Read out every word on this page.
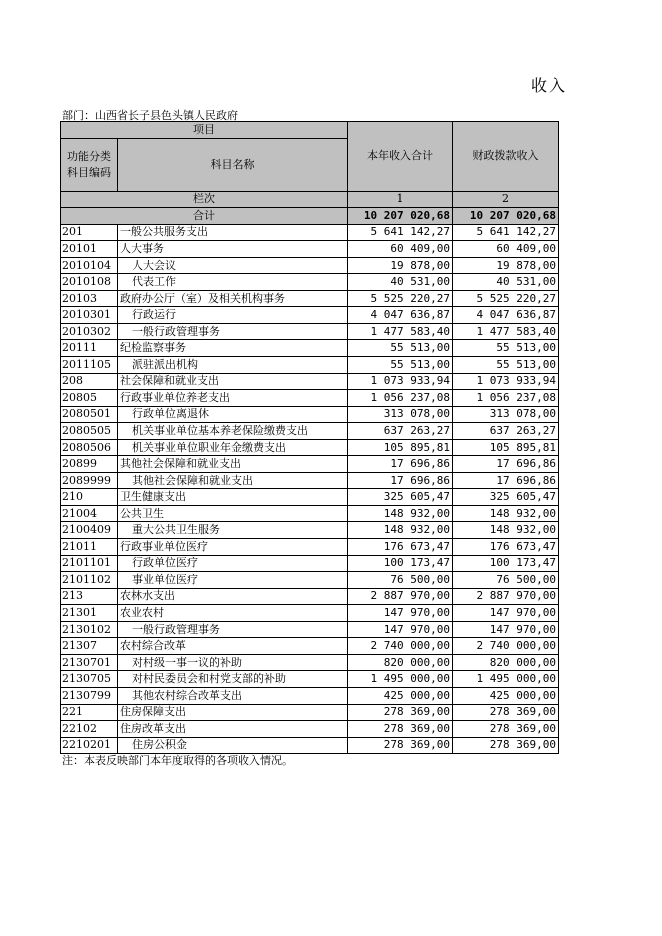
收入
部门：山西省长子县色头镇人民政府
项目		本年收入合计	财政拨款收入
功能分类
科目编码	科目名称		
栏次		1	2
合计		10 207 020,68	10 207 020,68
201	一般公共服务支出	5 641 142,27	5 641 142,27
20101	人大事务	60 409,00	60 409,00
2010104	人大会议	19 878,00	19 878,00
2010108	代表工作	40 531,00	40 531,00
20103	政府办公厅（室）及相关机构事务	5 525 220,27	5 525 220,27
2010301	行政运行	4 047 636,87	4 047 636,87
2010302	一般行政管理事务	1 477 583,40	1 477 583,40
20111	纪检监察事务	55 513,00	55 513,00
2011105	派驻派出机构	55 513,00	55 513,00
208	社会保障和就业支出	1 073 933,94	1 073 933,94
20805	行政事业单位养老支出	1 056 237,08	1 056 237,08
2080501	行政单位离退休	313 078,00	313 078,00
2080505	机关事业单位基本养老保险缴费支出	637 263,27	637 263,27
2080506	机关事业单位职业年金缴费支出	105 895,81	105 895,81
20899	其他社会保障和就业支出	17 696,86	17 696,86
2089999	其他社会保障和就业支出	17 696,86	17 696,86
210	卫生健康支出	325 605,47	325 605,47
21004	公共卫生	148 932,00	148 932,00
2100409	重大公共卫生服务	148 932,00	148 932,00
21011	行政事业单位医疗	176 673,47	176 673,47
2101101	行政单位医疗	100 173,47	100 173,47
2101102	事业单位医疗	76 500,00	76 500,00
213	农林水支出	2 887 970,00	2 887 970,00
21301	农业农村	147 970,00	147 970,00
2130102	一般行政管理事务	147 970,00	147 970,00
21307	农村综合改革	2 740 000,00	2 740 000,00
2130701	对村级一事一议的补助	820 000,00	820 000,00
2130705	对村民委员会和村党支部的补助	1 495 000,00	1 495 000,00
2130799	其他农村综合改革支出	425 000,00	425 000,00
221	住房保障支出	278 369,00	278 369,00
22102	住房改革支出	278 369,00	278 369,00
2210201	住房公积金	278 369,00	278 369,00
注：本表反映部门本年度取得的各项收入情况。
